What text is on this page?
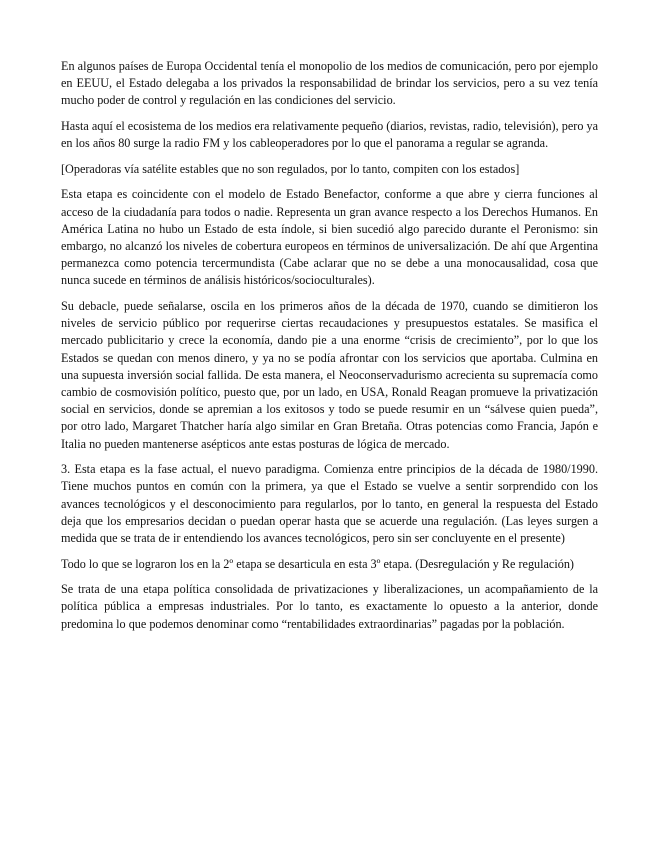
En algunos países de Europa Occidental tenía el monopolio de los medios de comunicación, pero por ejemplo en EEUU, el Estado delegaba a los privados la responsabilidad de brindar los servicios, pero a su vez tenía mucho poder de control y regulación en las condiciones del servicio.

Hasta aquí el ecosistema de los medios era relativamente pequeño (diarios, revistas, radio, televisión), pero ya en los años 80 surge la radio FM y los cableoperadores por lo que el panorama a regular se agranda.

[Operadoras vía satélite estables que no son regulados, por lo tanto, compiten con los estados]

Esta etapa es coincidente con el modelo de Estado Benefactor, conforme a que abre y cierra funciones al acceso de la ciudadanía para todos o nadie. Representa un gran avance respecto a los Derechos Humanos. En América Latina no hubo un Estado de esta índole, si bien sucedió algo parecido durante el Peronismo: sin embargo, no alcanzó los niveles de cobertura europeos en términos de universalización. De ahí que Argentina permanezca como potencia tercermundista (Cabe aclarar que no se debe a una monocausalidad, cosa que nunca sucede en términos de análisis históricos/socioculturales).

Su debacle, puede señalarse, oscila en los primeros años de la década de 1970, cuando se dimitieron los niveles de servicio público por requerirse ciertas recaudaciones y presupuestos estatales. Se masifica el mercado publicitario y crece la economía, dando pie a una enorme “crisis de crecimiento”, por lo que los Estados se quedan con menos dinero, y ya no se podía afrontar con los servicios que aportaba. Culmina en una supuesta inversión social fallida. De esta manera, el Neoconservadurismo acrecienta su supremacía como cambio de cosmovisión político, puesto que, por un lado, en USA, Ronald Reagan promueve la privatización social en servicios, donde se apremian a los exitosos y todo se puede resumir en un “sálvese quien pueda”, por otro lado, Margaret Thatcher haría algo similar en Gran Bretaña. Otras potencias como Francia, Japón e Italia no pueden mantenerse asépticos ante estas posturas de lógica de mercado.

3. Esta etapa es la fase actual, el nuevo paradigma. Comienza entre principios de la década de 1980/1990. Tiene muchos puntos en común con la primera, ya que el Estado se vuelve a sentir sorprendido con los avances tecnológicos y el desconocimiento para regularlos, por lo tanto, en general la respuesta del Estado deja que los empresarios decidan o puedan operar hasta que se acuerde una regulación. (Las leyes surgen a medida que se trata de ir entendiendo los avances tecnológicos, pero sin ser concluyente en el presente)

Todo lo que se lograron los en la 2º etapa se desarticula en esta 3º etapa. (Desregulación y Re regulación)

Se trata de una etapa política consolidada de privatizaciones y liberalizaciones, un acompañamiento de la política pública a empresas industriales. Por lo tanto, es exactamente lo opuesto a la anterior, donde predomina lo que podemos denominar como “rentabilidades extraordinarias” pagadas por la población.
